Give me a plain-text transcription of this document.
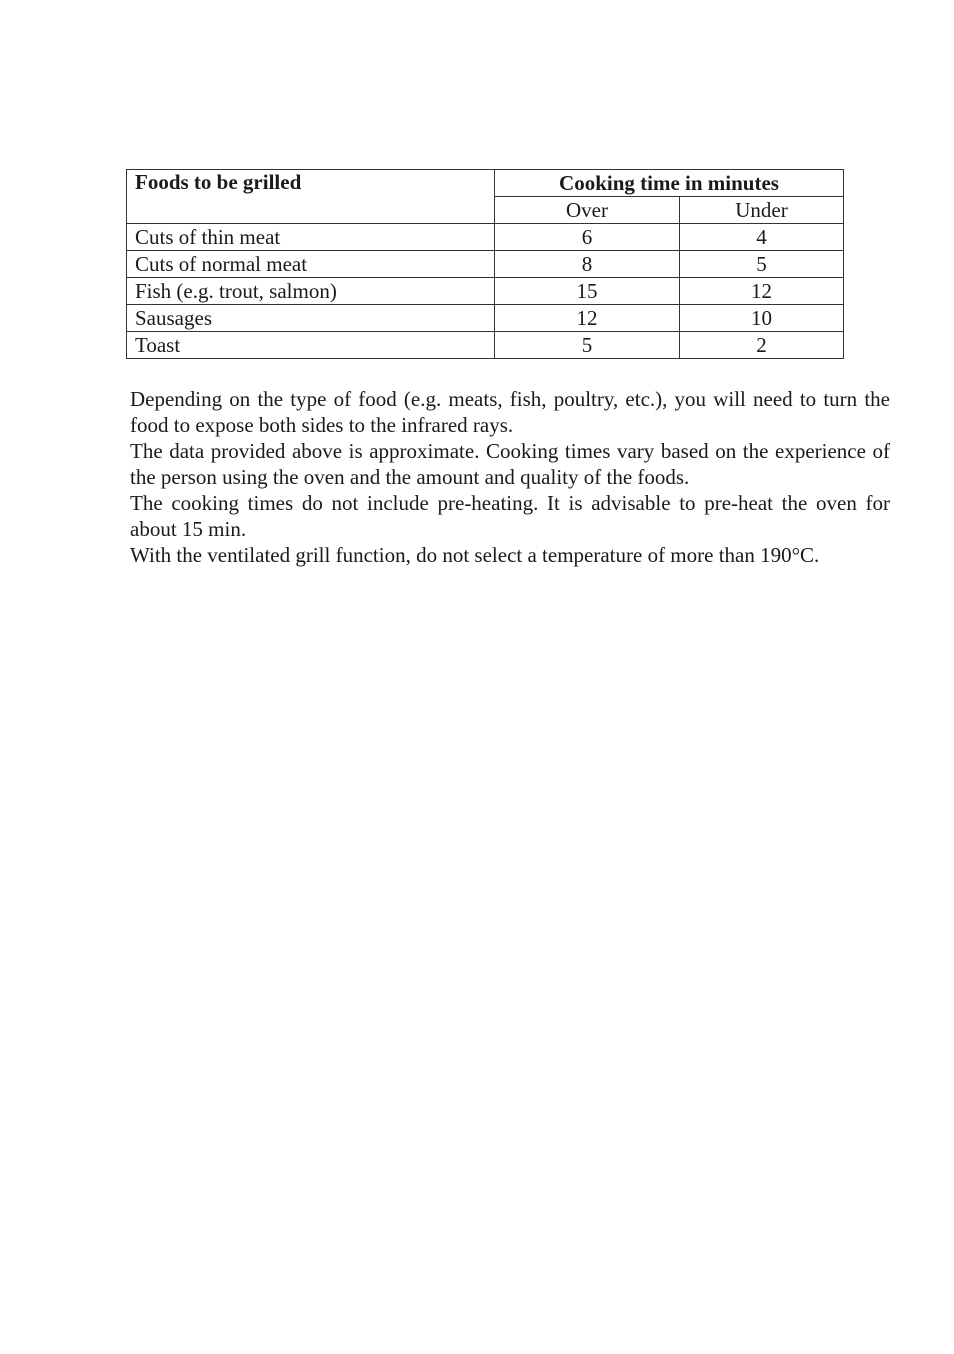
Foods to be grilled	Cooking time in minutes	
	Over	Under
Cuts of thin meat	6	4
Cuts of normal meat	8	5
Fish (e.g. trout, salmon)	15	12
Sausages	12	10
Toast	5	2

Depending on the type of food (e.g. meats, fish, poultry, etc.), you will need to turn the food to expose both sides to the infrared rays.

The data provided above is approximate. Cooking times vary based on the experience of the person using the oven and the amount and quality of the foods.

The cooking times do not include pre-heating. It is advisable to pre-heat the oven for about 15 min.

With the ventilated grill function, do not select a temperature of more than 190°C.
